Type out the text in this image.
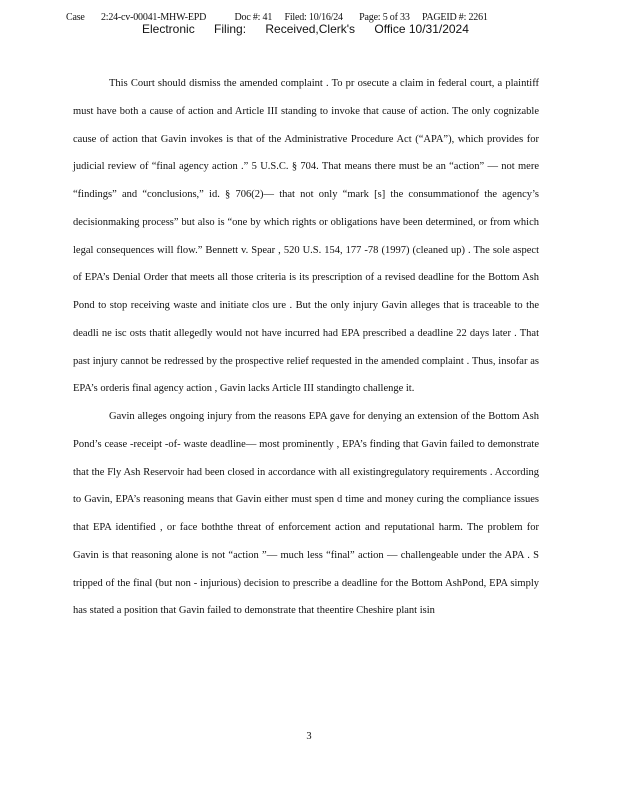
Case 2:24-cv-00041-MHW-EPD	Doc #: 41 Filed: 10/16/24 Page: 5 of 33 PAGEID #: 2261
Electronic Filing: Received,Clerk's Office 10/31/2024

This Court should dismiss the amended complaint . To pr osecute a claim in federal court, a plaintiff must have both a cause of action and Article III standing to invoke that cause of action. The only cognizable cause of action that Gavin invokes is that of the Administrative Procedure Act (“APA”), which provides for judicial review of “final agency action .” 5 U.S.C. § 704. That means there must be an “action” — not mere “findings” and “conclusions,” id. § 706(2)— that not only “mark [s] the consummationof the agency’s decisionmaking process” but also is “one by which rights or obligations have been determined, or from which legal consequences will flow.” Bennett v. Spear , 520 U.S. 154, 177 -78 (1997) (cleaned up) . The sole aspect of EPA’s Denial Order that meets all those criteria is its prescription of a revised deadline for the Bottom Ash Pond to stop receiving waste and initiate clos ure . But the only injury Gavin alleges that is traceable to the deadli ne isc osts thatit allegedly would not have incurred had EPA prescribed a deadline 22 days later . That past injury cannot be redressed by the prospective relief requested in the amended complaint . Thus, insofar as EPA’s orderis final agency action , Gavin lacks Article III standingto challenge it.

Gavin alleges ongoing injury from the reasons EPA gave for denying an extension of the Bottom Ash Pond’s cease -receipt -of- waste deadline— most prominently , EPA’s finding that Gavin failed to demonstrate that the Fly Ash Reservoir had been closed in accordance with all existingregulatory requirements . According to Gavin, EPA’s reasoning means that Gavin either must spen d time and money curing the compliance issues that EPA identified , or face boththe threat of enforcement action and reputational harm. The problem for Gavin is that reasoning alone is not “action ”— much less “final” action — challengeable under the APA . S tripped of the final (but non - injurious) decision to prescribe a deadline for the Bottom AshPond, EPA simply has stated a position that Gavin failed to demonstrate that theentire Cheshire plant isin

3
